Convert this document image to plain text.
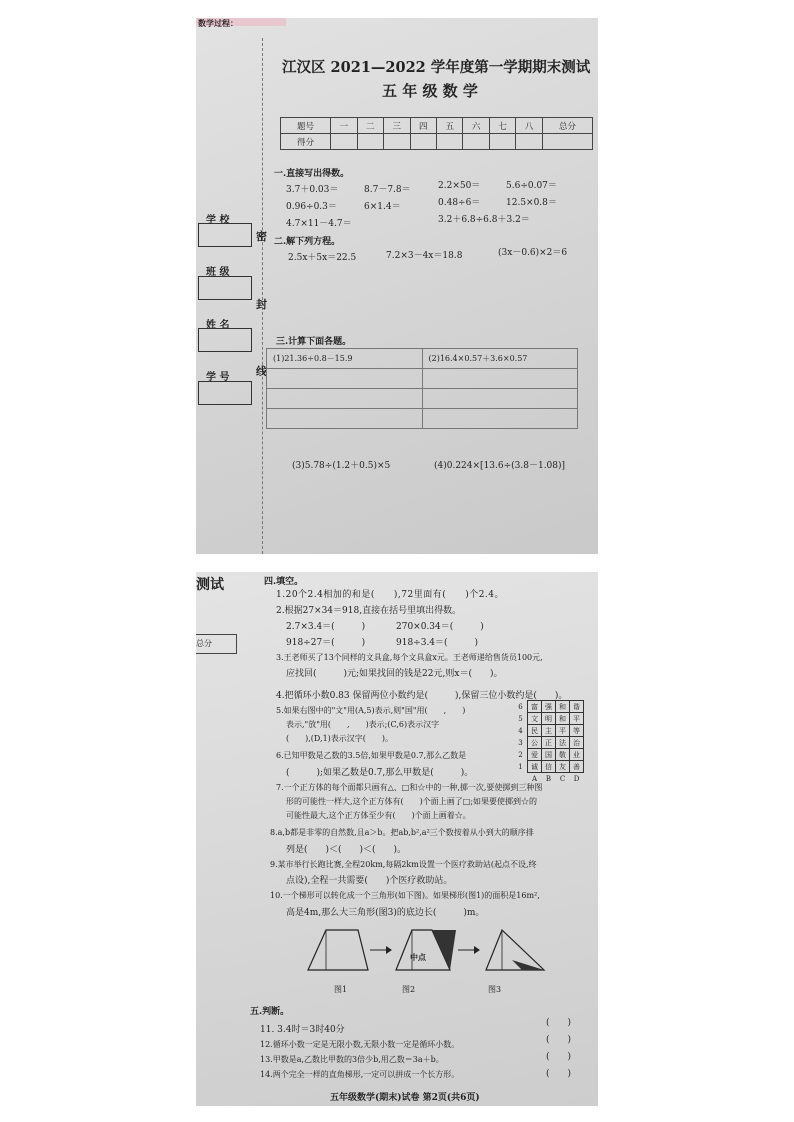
数学过程：
密
封
线
学 校
班 级
姓 名
学 号
江汉区 2021—2022 学年度第一学期期末测试
五 年 级 数 学
题号	一	二	三	四	五	六	七	八	总分
得分									
一.直接写出得数。
3.7＋0.03＝	8.7－7.8＝	2.2×50＝	5.6÷0.07＝
0.96÷0.3＝	6×1.4＝	0.48÷6＝	12.5×0.8＝
4.7×11－4.7＝	3.2＋6.8÷6.8＋3.2＝
二.解下列方程。
2.5x＋5x＝22.5	7.2×3－4x＝18.8	(3x－0.6)×2＝6
三.计算下面各题。
(1)21.36÷0.8－15.9	(2)16.4×0.57＋3.6×0.57

(3)5.78÷(1.2＋0.5)×5	(4)0.224×[13.6÷(3.8－1.08)]
测试
总分
四.填空。
1.20个2.4相加的和是(　　),72里面有(　　)个2.4。
2.根据27×34＝918,直接在括号里填出得数。
2.7×3.4＝(　　　)	270×0.34＝(　　　)
918÷27＝(　　　)	918÷3.4＝(　　　)
3.王老师买了13个同样的文具盒,每个文具盒x元。王老师递给售货员100元,
应找回(　　　)元;如果找回的钱是22元,则x＝(　　)。
4.把循环小数0.83 保留两位小数约是(　　　),保留三位小数约是(　　)。
5.如果右图中的"文"用(A,5)表示,则"国"用(　　,　　)
表示,"放"用(　　,　　)表示;(C,6)表示汉字
(　　),(D,1)表示汉字(　　)。
6	富	强	和	谐
5	文	明	和	平
4	民	主	平	等
3	公	正	法	治
2	爱	国	敬	业
1	诚	信	友	善
	A	B	C	D
6.已知甲数是乙数的3.5倍,如果甲数是0.7,那么乙数是
(　　　);如果乙数是0.7,那么甲数是(　　　)。
7.一个正方体的每个面都只画有△、□和☆中的一种,掷一次,要使掷到三种图
形的可能性一样大,这个正方体有(　　)个面上画了□;如果要使掷到☆的
可能性最大,这个正方体至少有(　　)个面上画着☆。
8.a,b都是非零的自然数,且a＞b。把ab,b²,a²三个数按着从小到大的顺序排
列是(　　)＜(　　)＜(　　)。
9.某市举行长跑比赛,全程20km,每隔2km设置一个医疗救助站(起点不设,终
点设),全程一共需要(　　)个医疗救助站。
10.一个梯形可以转化成一个三角形(如下图)。如果梯形(图1)的面积是16m²,
高是4m,那么大三角形(图3)的底边长(　　　)m。
中点
图1	图2	图3
五.判断。
11. 3.4时＝3时40分
12.循环小数一定是无限小数,无限小数一定是循环小数。
13.甲数是a,乙数比甲数的3倍少b,用乙数＝3a＋b。
14.两个完全一样的直角梯形,一定可以拼成一个长方形。
(　　)
(　　)
(　　)
(　　)
五年级数学(期末)试卷 第2页(共6页)
